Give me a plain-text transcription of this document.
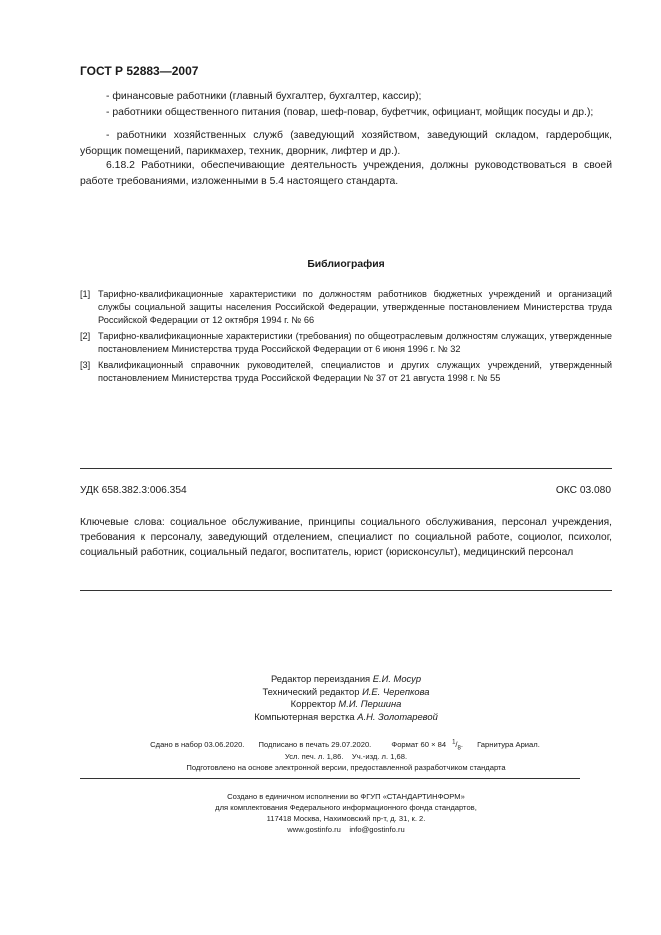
ГОСТ Р 52883—2007
- финансовые работники (главный бухгалтер, бухгалтер, кассир);
- работники общественного питания (повар, шеф-повар, буфетчик, официант, мойщик посуды и др.);
- работники хозяйственных служб (заведующий хозяйством, заведующий складом, гардеробщик, уборщик помещений, парикмахер, техник, дворник, лифтер и др.).
6.18.2 Работники, обеспечивающие деятельность учреждения, должны руководствоваться в своей работе требованиями, изложенными в 5.4 настоящего стандарта.
Библиография
[1] Тарифно-квалификационные характеристики по должностям работников бюджетных учреждений и организаций службы социальной защиты населения Российской Федерации, утвержденные постановлением Министерства труда Российской Федерации от 12 октября 1994 г. № 66
[2] Тарифно-квалификационные характеристики (требования) по общеотраслевым должностям служащих, утвержденные постановлением Министерства труда Российской Федерации от 6 июня 1996 г. № 32
[3] Квалификационный справочник руководителей, специалистов и других служащих учреждений, утвержденный постановлением Министерства труда Российской Федерации № 37 от 21 августа 1998 г. № 55
УДК 658.382.3:006.354	ОКС 03.080
Ключевые слова: социальное обслуживание, принципы социального обслуживания, персонал учреждения, требования к персоналу, заведующий отделением, специалист по социальной работе, социолог, психолог, социальный работник, социальный педагог, воспитатель, юрист (юрисконсульт), медицинский персонал
Редактор переиздания Е.И. Мосур
Технический редактор И.Е. Черепкова
Корректор М.И. Першина
Компьютерная верстка А.Н. Золотаревой
Сдано в набор 03.06.2020. Подписано в печать 29.07.2020.	Формат 60 × 84 $^1/_8$. Гарнитура Ариал.
Усл. печ. л. 1,86. Уч.-изд. л. 1,68.
Подготовлено на основе электронной версии, предоставленной разработчиком стандарта
Создано в единичном исполнении во ФГУП «СТАНДАРТИНФОРМ»
для комплектования Федерального информационного фонда стандартов,
117418 Москва, Нахимовский пр-т, д. 31, к. 2.
www.gostinfo.ru info@gostinfo.ru
